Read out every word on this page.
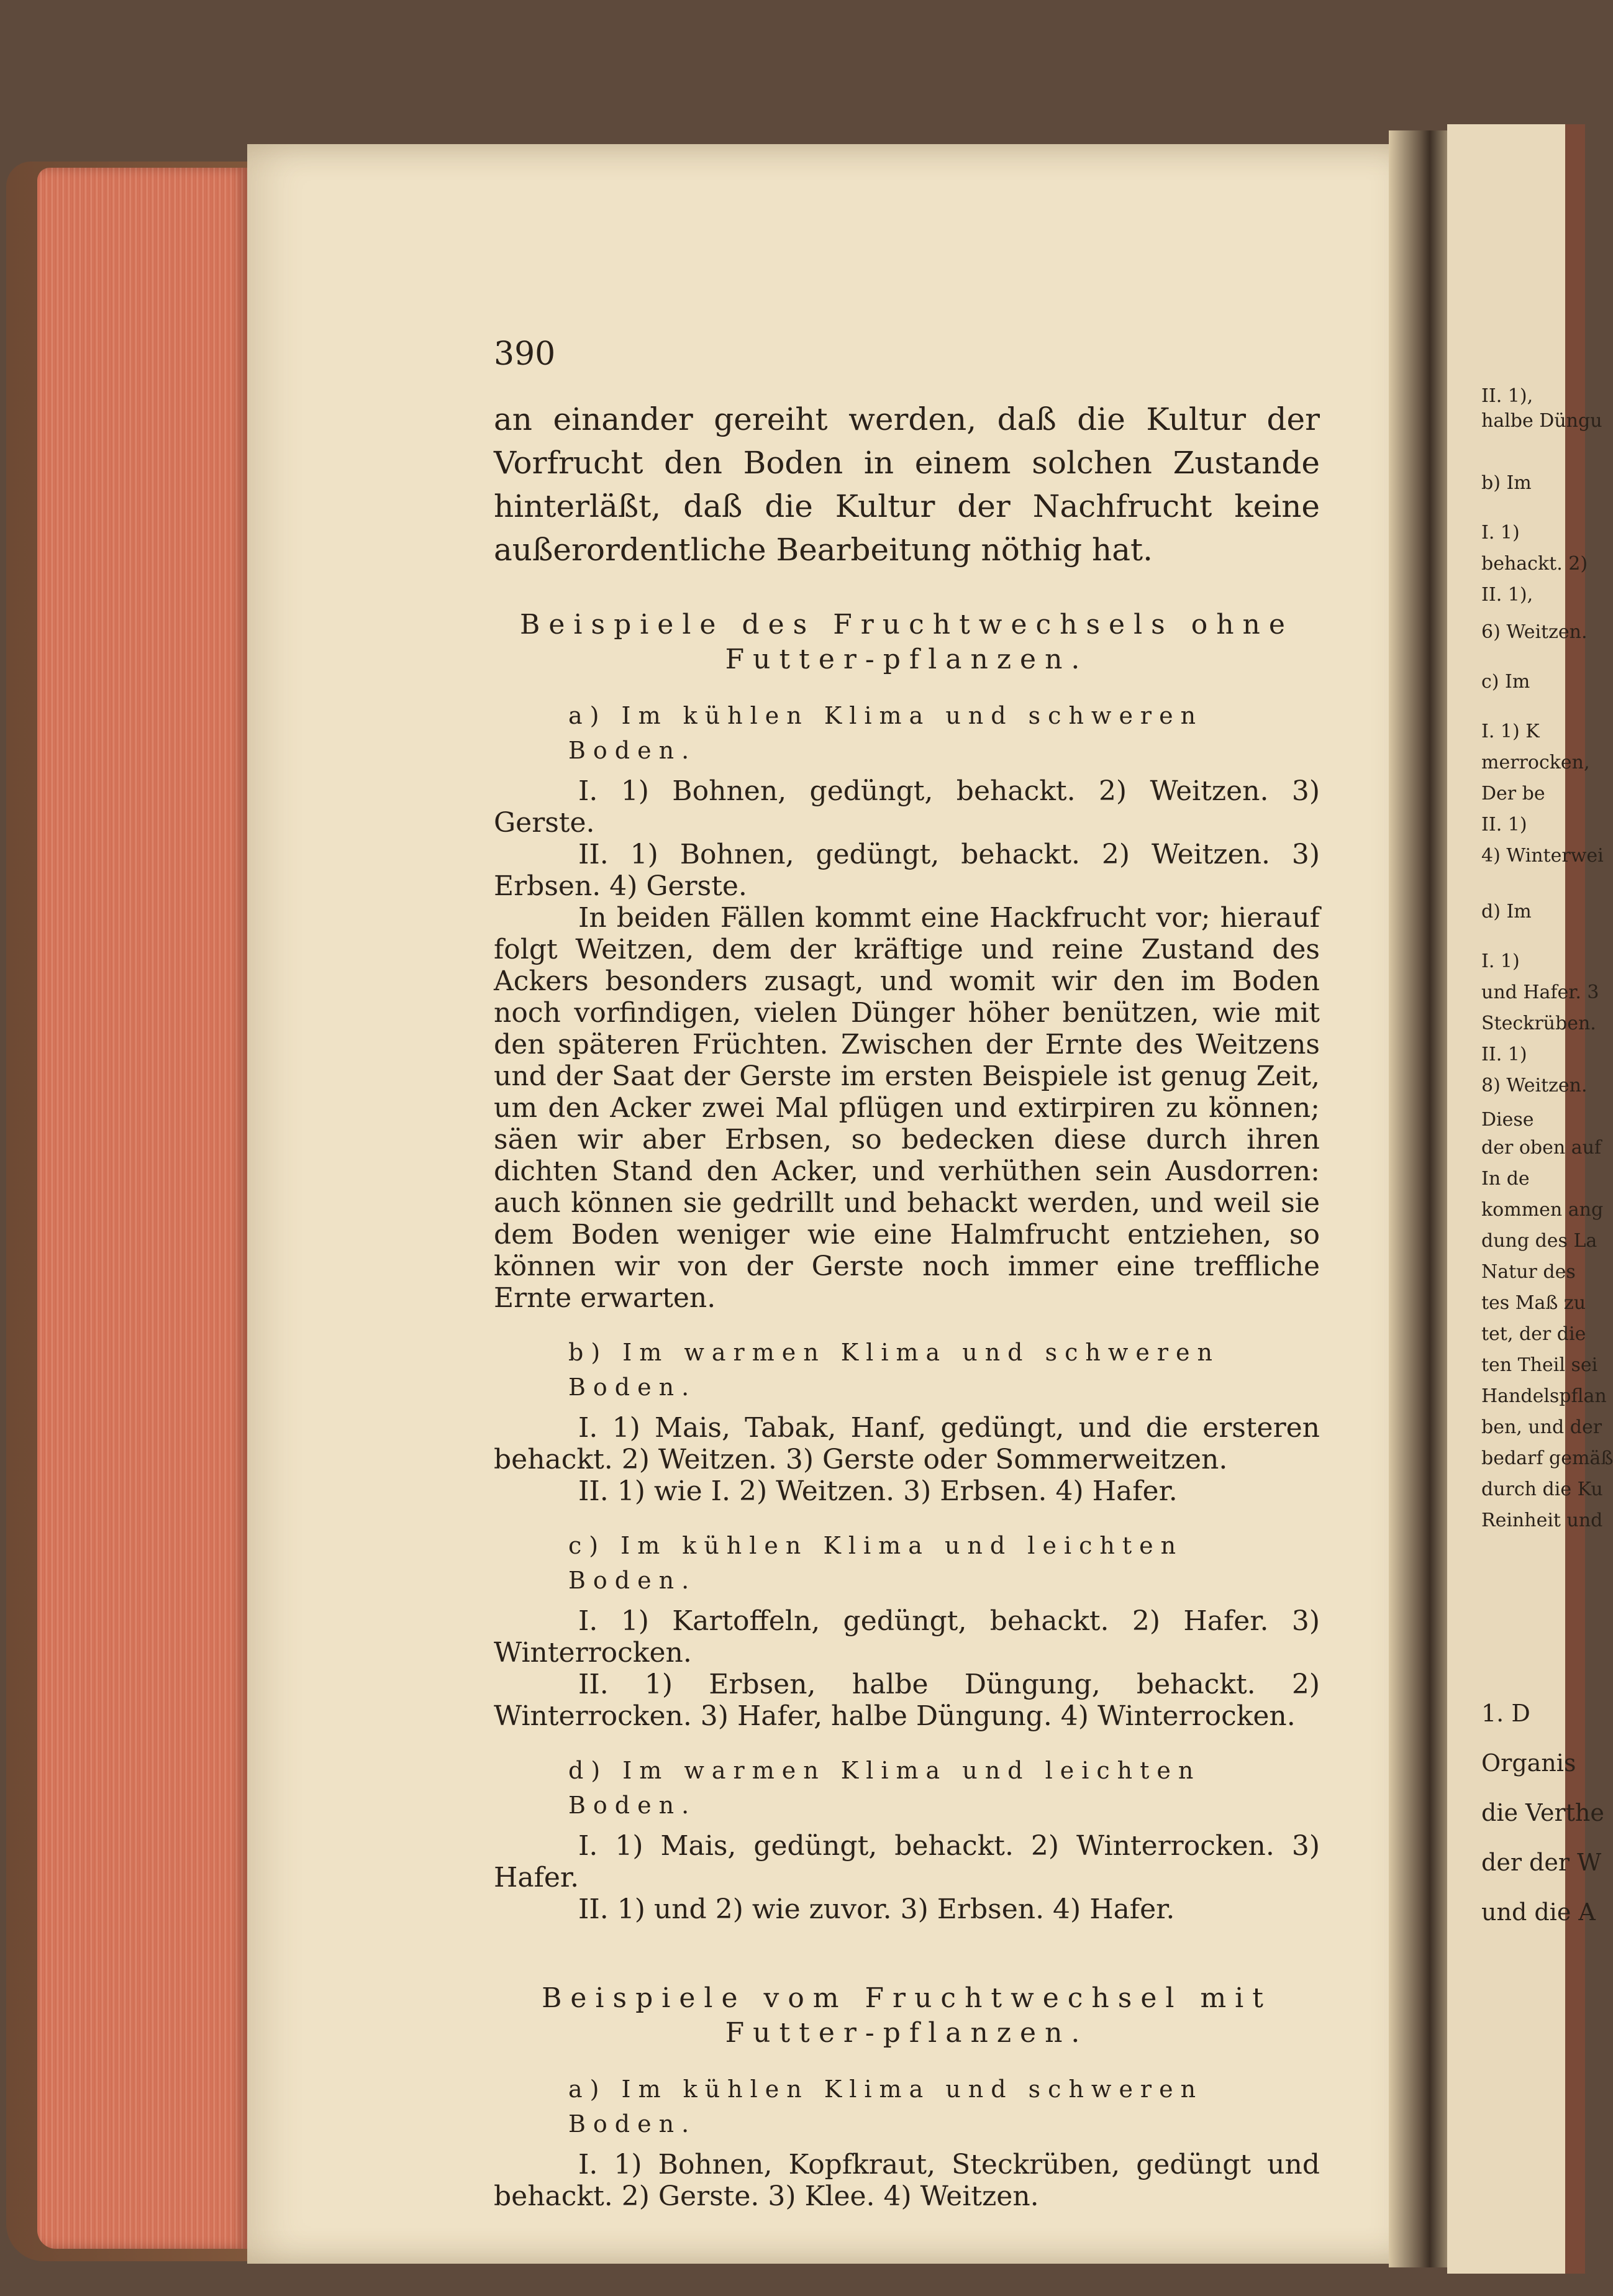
390

an einander gereiht werden, daß die Kultur der Vorfrucht den Boden in einem solchen Zustande hinterläßt, daß die Kultur der Nachfrucht keine außerordentliche Bearbeitung nöthig hat.

Beispiele des Fruchtwechsels ohne Futter-pflanzen.

a) Im kühlen Klima und schweren Boden.

I. 1) Bohnen, gedüngt, behackt. 2) Weitzen. 3) Gerste.

II. 1) Bohnen, gedüngt, behackt. 2) Weitzen. 3) Erbsen. 4) Gerste.

In beiden Fällen kommt eine Hackfrucht vor; hierauf folgt Weitzen, dem der kräftige und reine Zustand des Ackers besonders zusagt, und womit wir den im Boden noch vorfindigen, vielen Dünger höher benützen, wie mit den späteren Früchten. Zwischen der Ernte des Weitzens und der Saat der Gerste im ersten Beispiele ist genug Zeit, um den Acker zwei Mal pflügen und extirpiren zu können; säen wir aber Erbsen, so bedecken diese durch ihren dichten Stand den Acker, und verhüthen sein Ausdorren: auch können sie gedrillt und behackt werden, und weil sie dem Boden weniger wie eine Halmfrucht entziehen, so können wir von der Gerste noch immer eine treffliche Ernte erwarten.

b) Im warmen Klima und schweren Boden.

I. 1) Mais, Tabak, Hanf, gedüngt, und die ersteren behackt. 2) Weitzen. 3) Gerste oder Sommerweitzen.

II. 1) wie I. 2) Weitzen. 3) Erbsen. 4) Hafer.

c) Im kühlen Klima und leichten Boden.

I. 1) Kartoffeln, gedüngt, behackt. 2) Hafer. 3) Winterrocken.

II. 1) Erbsen, halbe Düngung, behackt. 2) Winterrocken. 3) Hafer, halbe Düngung. 4) Winterrocken.

d) Im warmen Klima und leichten Boden.

I. 1) Mais, gedüngt, behackt. 2) Winterrocken. 3) Hafer.

II. 1) und 2) wie zuvor. 3) Erbsen. 4) Hafer.

Beispiele vom Fruchtwechsel mit Futter-pflanzen.

a) Im kühlen Klima und schweren Boden.

I. 1) Bohnen, Kopfkraut, Steckrüben, gedüngt und behackt. 2) Gerste. 3) Klee. 4) Weitzen.

II. 1),
halbe Düngu
b) Im
I. 1)
behackt. 2)
II. 1),
6) Weitzen.
c) Im
I. 1) K
merrocken,
Der be
II. 1)
4) Winterwei
d) Im
I. 1)
und Hafer. 3
Steckrüben.
II. 1)
8) Weitzen.
Diese
der oben auf
In de
kommen ang
dung des La
Natur des
tes Maß zu
tet, der die
ten Theil sei
Handelspflan
ben, und der
bedarf gemäß
durch die Ku
Reinheit und
1. D
Organis
die Verthe
der der W
und die A
